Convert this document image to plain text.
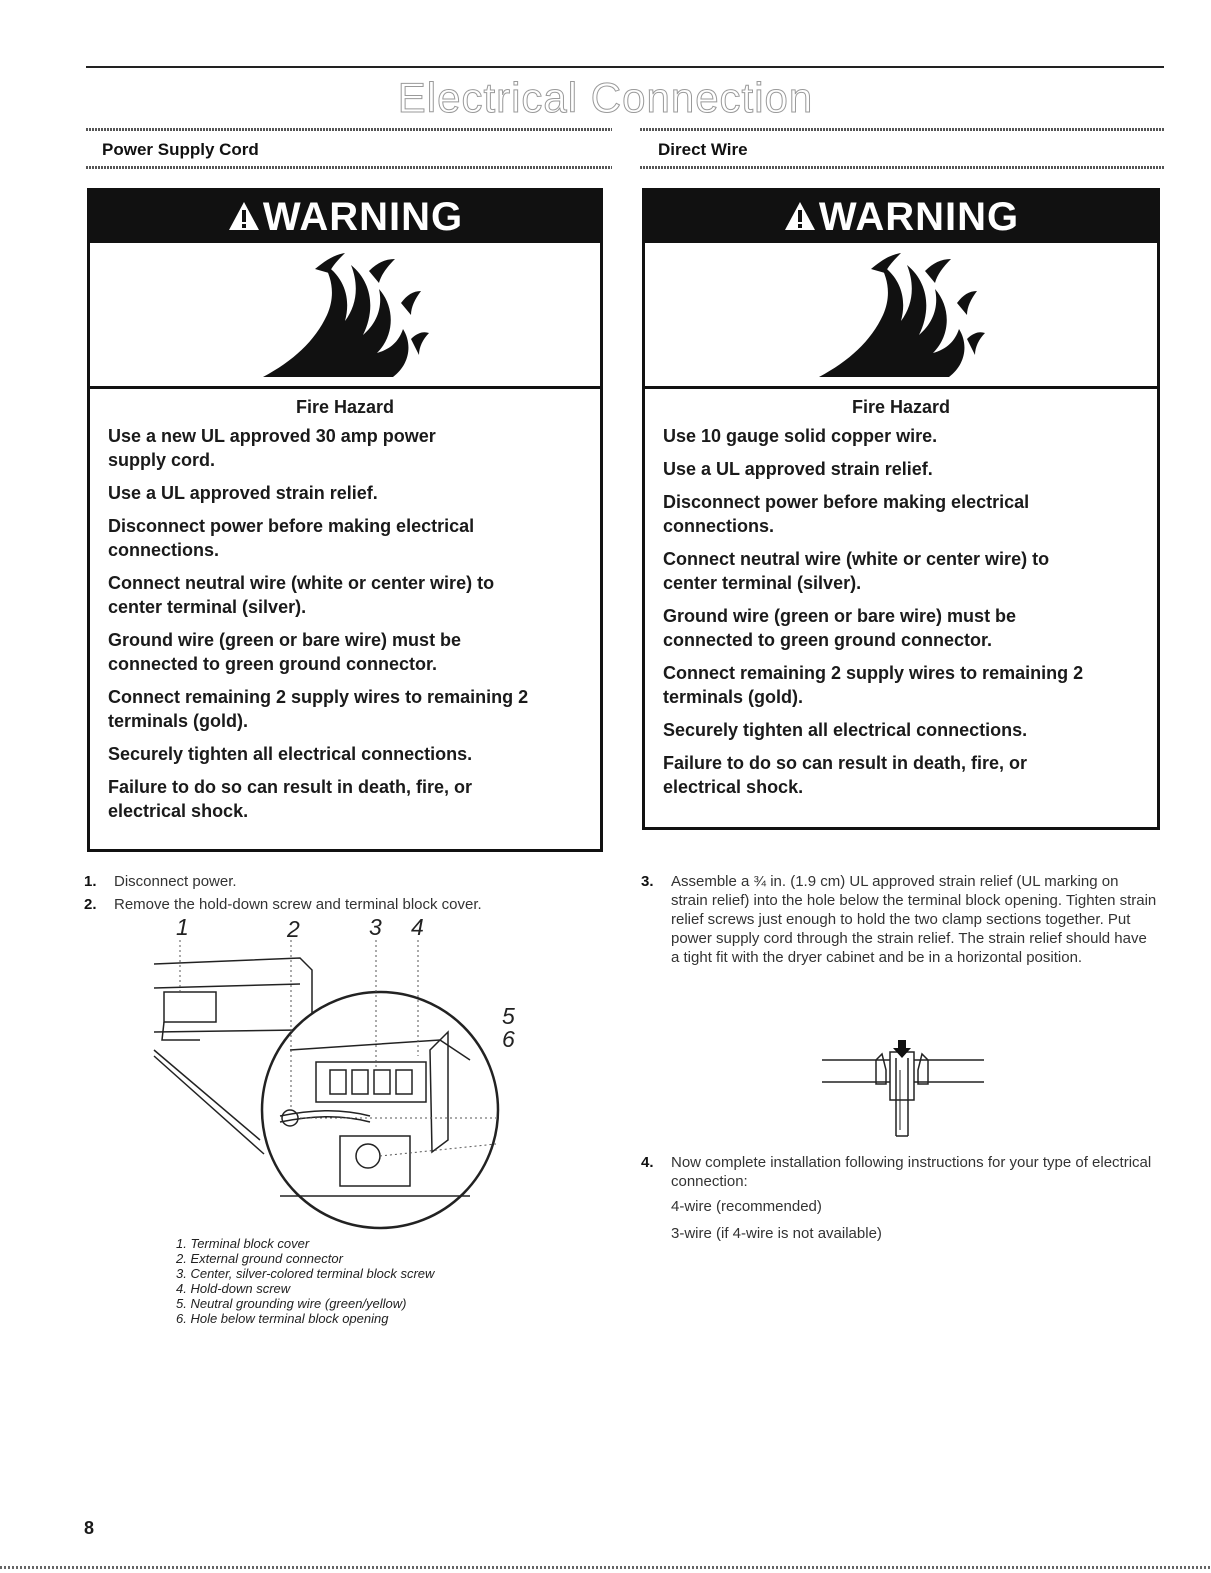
Electrical Connection
Power Supply Cord
WARNING
Fire Hazard

Use a new UL approved 30 amp power supply cord.

Use a UL approved strain relief.

Disconnect power before making electrical connections.

Connect neutral wire (white or center wire) to center terminal (silver).

Ground wire (green or bare wire) must be connected to green ground connector.

Connect remaining 2 supply wires to remaining 2 terminals (gold).

Securely tighten all electrical connections.

Failure to do so can result in death, fire, or electrical shock.

1. Disconnect power.
2. Remove the hold-down screw and terminal block cover.
1	2	3 4
5
6
1. Terminal block cover
2. External ground connector
3. Center, silver-colored terminal block screw
4. Hold-down screw
5. Neutral grounding wire (green/yellow)
6. Hole below terminal block opening
Direct Wire
WARNING
Fire Hazard

Use 10 gauge solid copper wire.

Use a UL approved strain relief.

Disconnect power before making electrical connections.

Connect neutral wire (white or center wire) to center terminal (silver).

Ground wire (green or bare wire) must be connected to green ground connector.

Connect remaining 2 supply wires to remaining 2 terminals (gold).

Securely tighten all electrical connections.

Failure to do so can result in death, fire, or electrical shock.

3. Assemble a ¾ in. (1.9 cm) UL approved strain relief (UL marking on strain relief) into the hole below the terminal block opening. Tighten strain relief screws just enough to hold the two clamp sections together. Put power supply cord through the strain relief. The strain relief should have a tight fit with the dryer cabinet and be in a horizontal position.
4. Now complete installation following instructions for your type of electrical connection:
4-wire (recommended)
3-wire (if 4-wire is not available)
8
